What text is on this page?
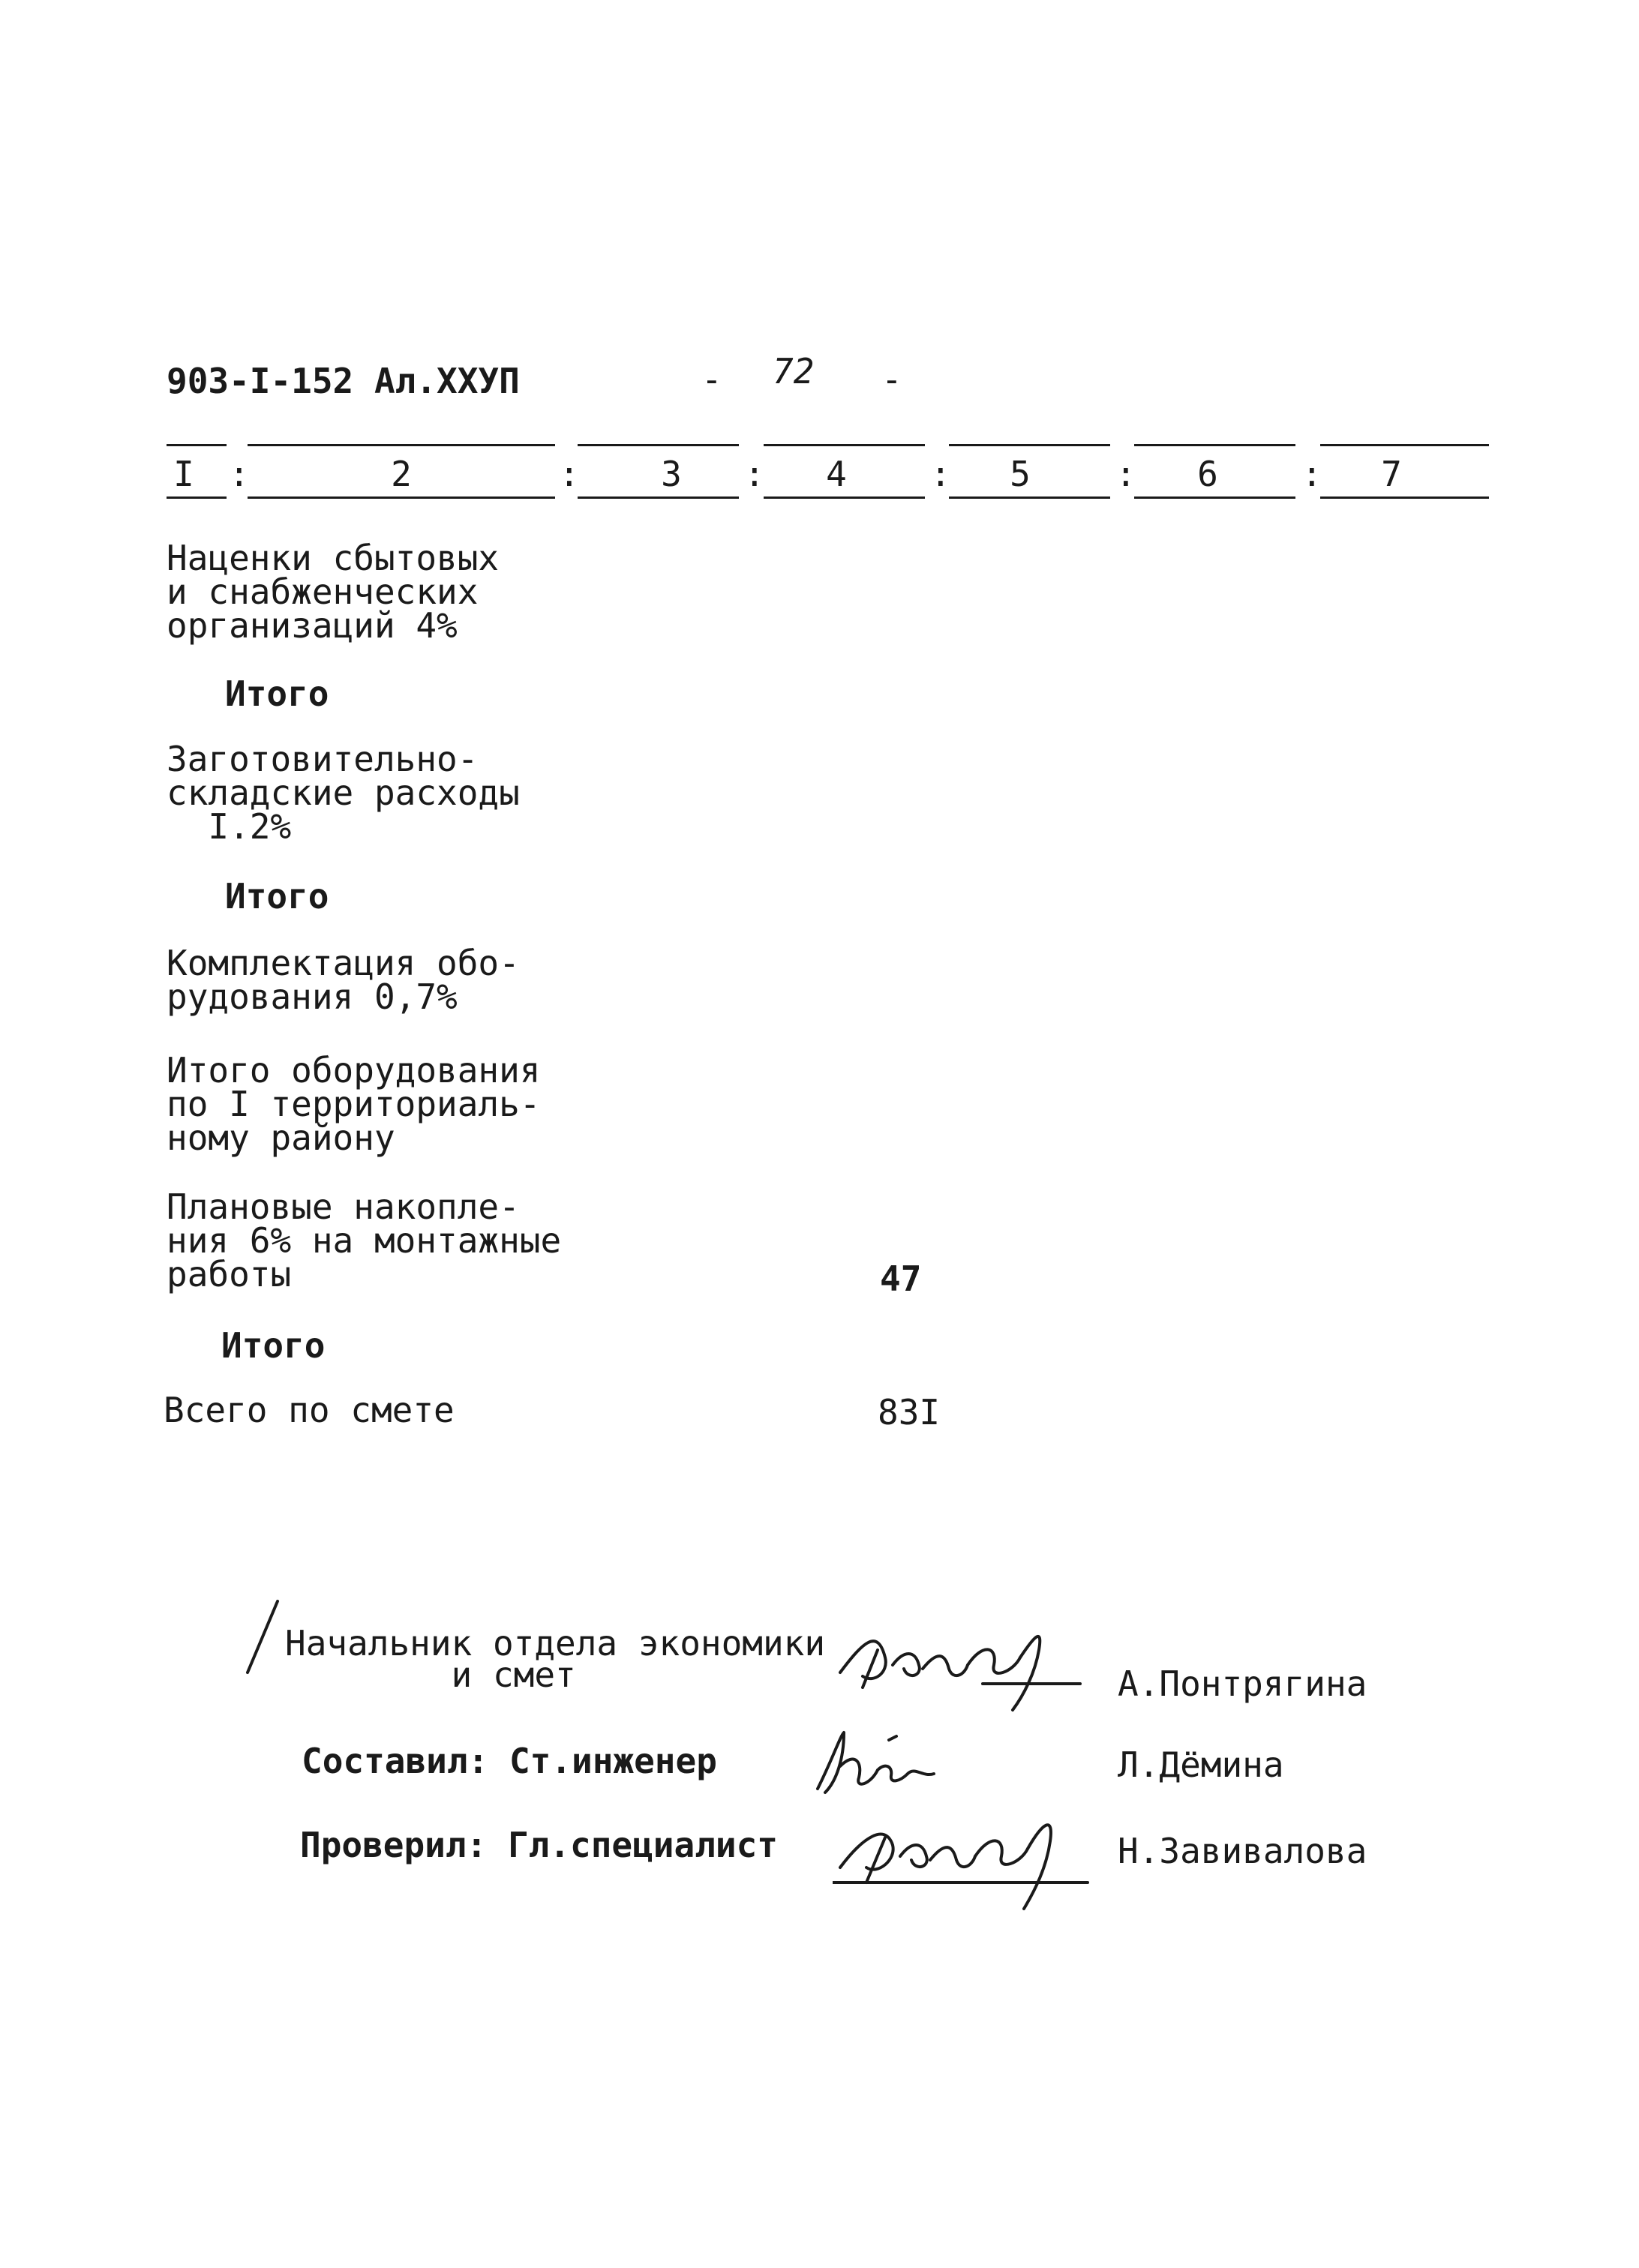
903-I-152 Ал.XXУП	- 72 -
I :	2	: 3 : 4 : 5 : 6 : 7
Наценки сбытовых
и снабженческих
организаций 4%
Итого
Заготовительно-
складские расходы
I.2%
Итого
Комплектация обо-
рудования 0,7%
Итого оборудования
по I территориаль-
ному району
Плановые накопле-
ния 6% на монтажные
работы	47
Итого
Всего по смете	83I
Начальник отдела экономики
и смет	А.Понтрягина
Составил: Ст.инженер	Л.Дёмина
Проверил: Гл.специалист	Н.Завивалова
